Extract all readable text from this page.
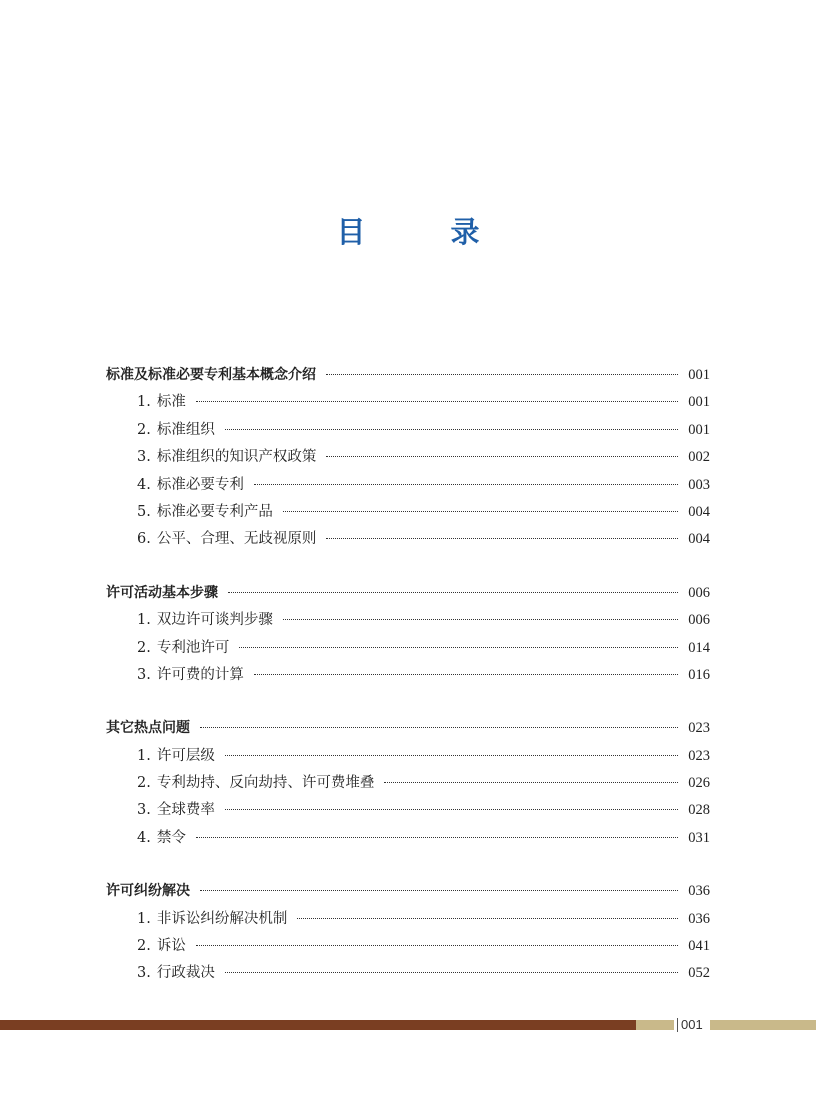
目　录
标准及标准必要专利基本概念介绍	001
1. 标准	001
2. 标准组织	001
3. 标准组织的知识产权政策	002
4. 标准必要专利	003
5. 标准必要专利产品	004
6. 公平、合理、无歧视原则	004
许可活动基本步骤	006
1. 双边许可谈判步骤	006
2. 专利池许可	014
3. 许可费的计算	016
其它热点问题	023
1. 许可层级	023
2. 专利劫持、反向劫持、许可费堆叠	026
3. 全球费率	028
4. 禁令	031
许可纠纷解决	036
1. 非诉讼纠纷解决机制	036
2. 诉讼	041
3. 行政裁决	052
001
